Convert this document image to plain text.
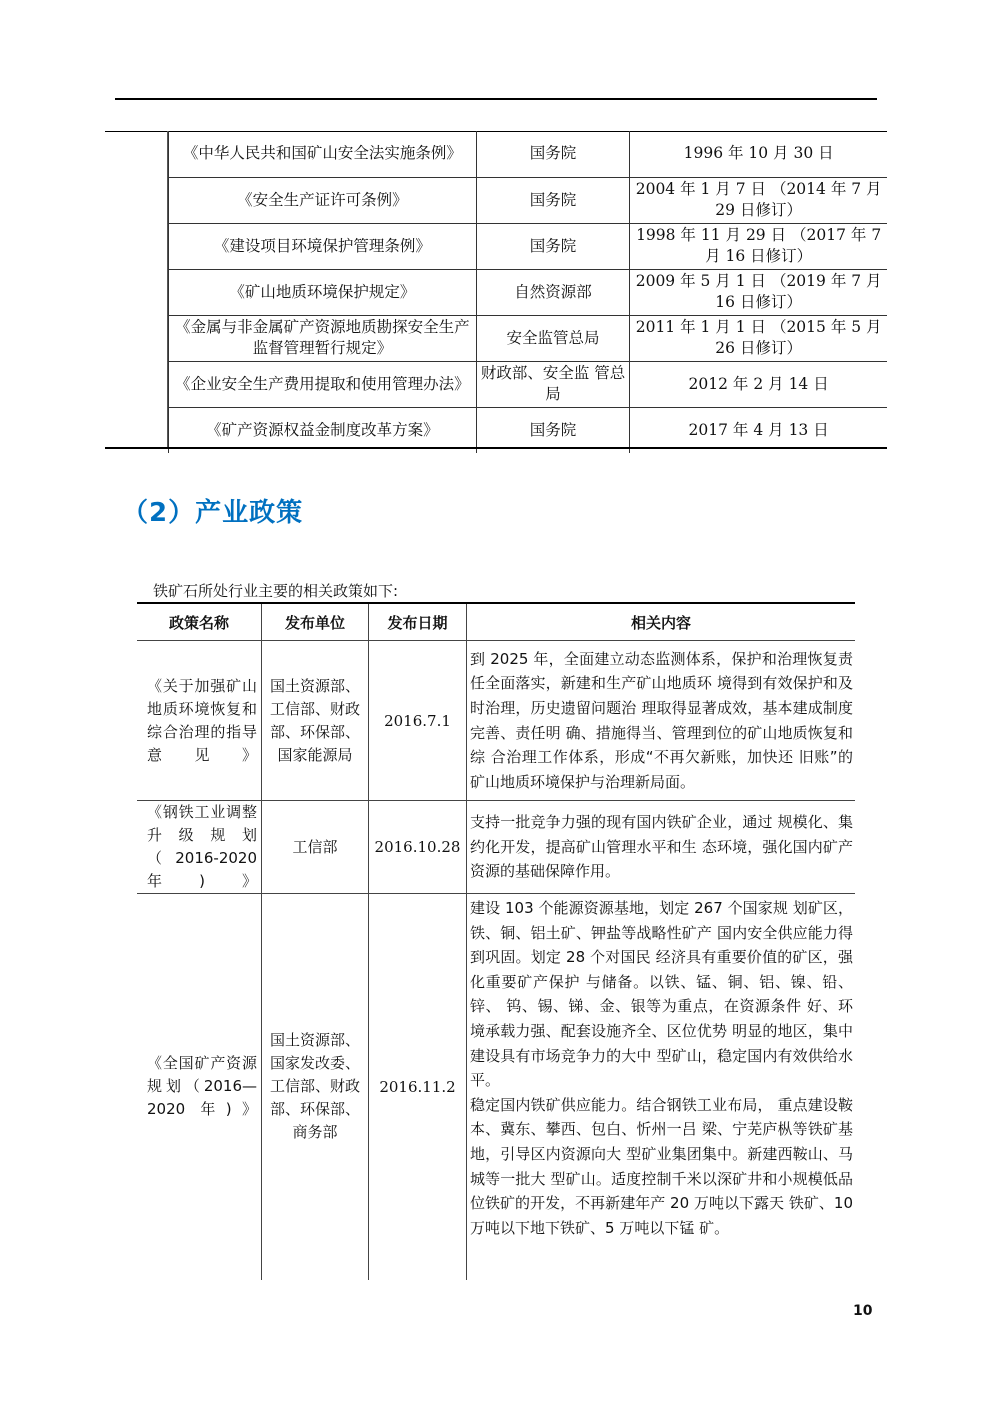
《中华人民共和国矿山安全法实施条例》	国务院	1996 年 10 月 30 日
《安全生产证许可条例》	国务院	2004 年 1 月 7 日 （2014 年 7 月 29 日修订）
《建设项目环境保护管理条例》	国务院	1998 年 11 月 29 日 （2017 年 7 月 16 日修订）
《矿山地质环境保护规定》	自然资源部	2009 年 5 月 1 日 （2019 年 7 月 16 日修订）
《金属与非金属矿产资源地质勘探安全生产监督管理暂行规定》	安全监管总局	2011 年 1 月 1 日 （2015 年 5 月 26 日修订）
《企业安全生产费用提取和使用管理办法》	财政部、安全监 管总局	2012 年 2 月 14 日
《矿产资源权益金制度改革方案》	国务院	2017 年 4 月 13 日
（2）产业政策
铁矿石所处行业主要的相关政策如下:
政策名称	发布单位	发布日期	相关内容
《关于加强矿山地质环境恢复和综合治理的指导意见》	国土资源部、工信部、财政部、环保部、国家能源局	2016.7.1	到 2025 年，全面建立动态监测体系，保护和治理恢复责任全面落实，新建和生产矿山地质环 境得到有效保护和及时治理，历史遗留问题治 理取得显著成效，基本建成制度完善、责任明 确、措施得当、管理到位的矿山地质恢复和综 合治理工作体系，形成“不再欠新账，加快还 旧账”的矿山地质环境保护与治理新局面。
《钢铁工业调整升级规划（2016-2020 年)》	工信部	2016.10.28	支持一批竞争力强的现有国内铁矿企业，通过 规模化、集约化开发，提高矿山管理水平和生 态环境，强化国内矿产资源的基础保障作用。
《全国矿产资源规划（2016—2020 年)》	国土资源部、国家发改委、工信部、财政部、环保部、商务部	2016.11.2	建设 103 个能源资源基地，划定 267 个国家规 划矿区，铁、铜、铝土矿、钾盐等战略性矿产 国内安全供应能力得到巩固。划定 28 个对国民 经济具有重要价值的矿区，强化重要矿产保护 与储备。以铁、锰、铜、铝、镍、铅、锌、 钨、锡、锑、金、银等为重点，在资源条件 好、环境承载力强、配套设施齐全、区位优势 明显的地区，集中建设具有市场竞争力的大中 型矿山，稳定国内有效供给水平。
稳定国内铁矿供应能力。结合钢铁工业布局， 重点建设鞍本、冀东、攀西、包白、忻州一吕 梁、宁芜庐枞等铁矿基地，引导区内资源向大 型矿业集团集中。新建西鞍山、马城等一批大 型矿山。适度控制千米以深矿井和小规模低品 位铁矿的开发，不再新建年产 20 万吨以下露天 铁矿、10 万吨以下地下铁矿、5 万吨以下锰 矿。
10
